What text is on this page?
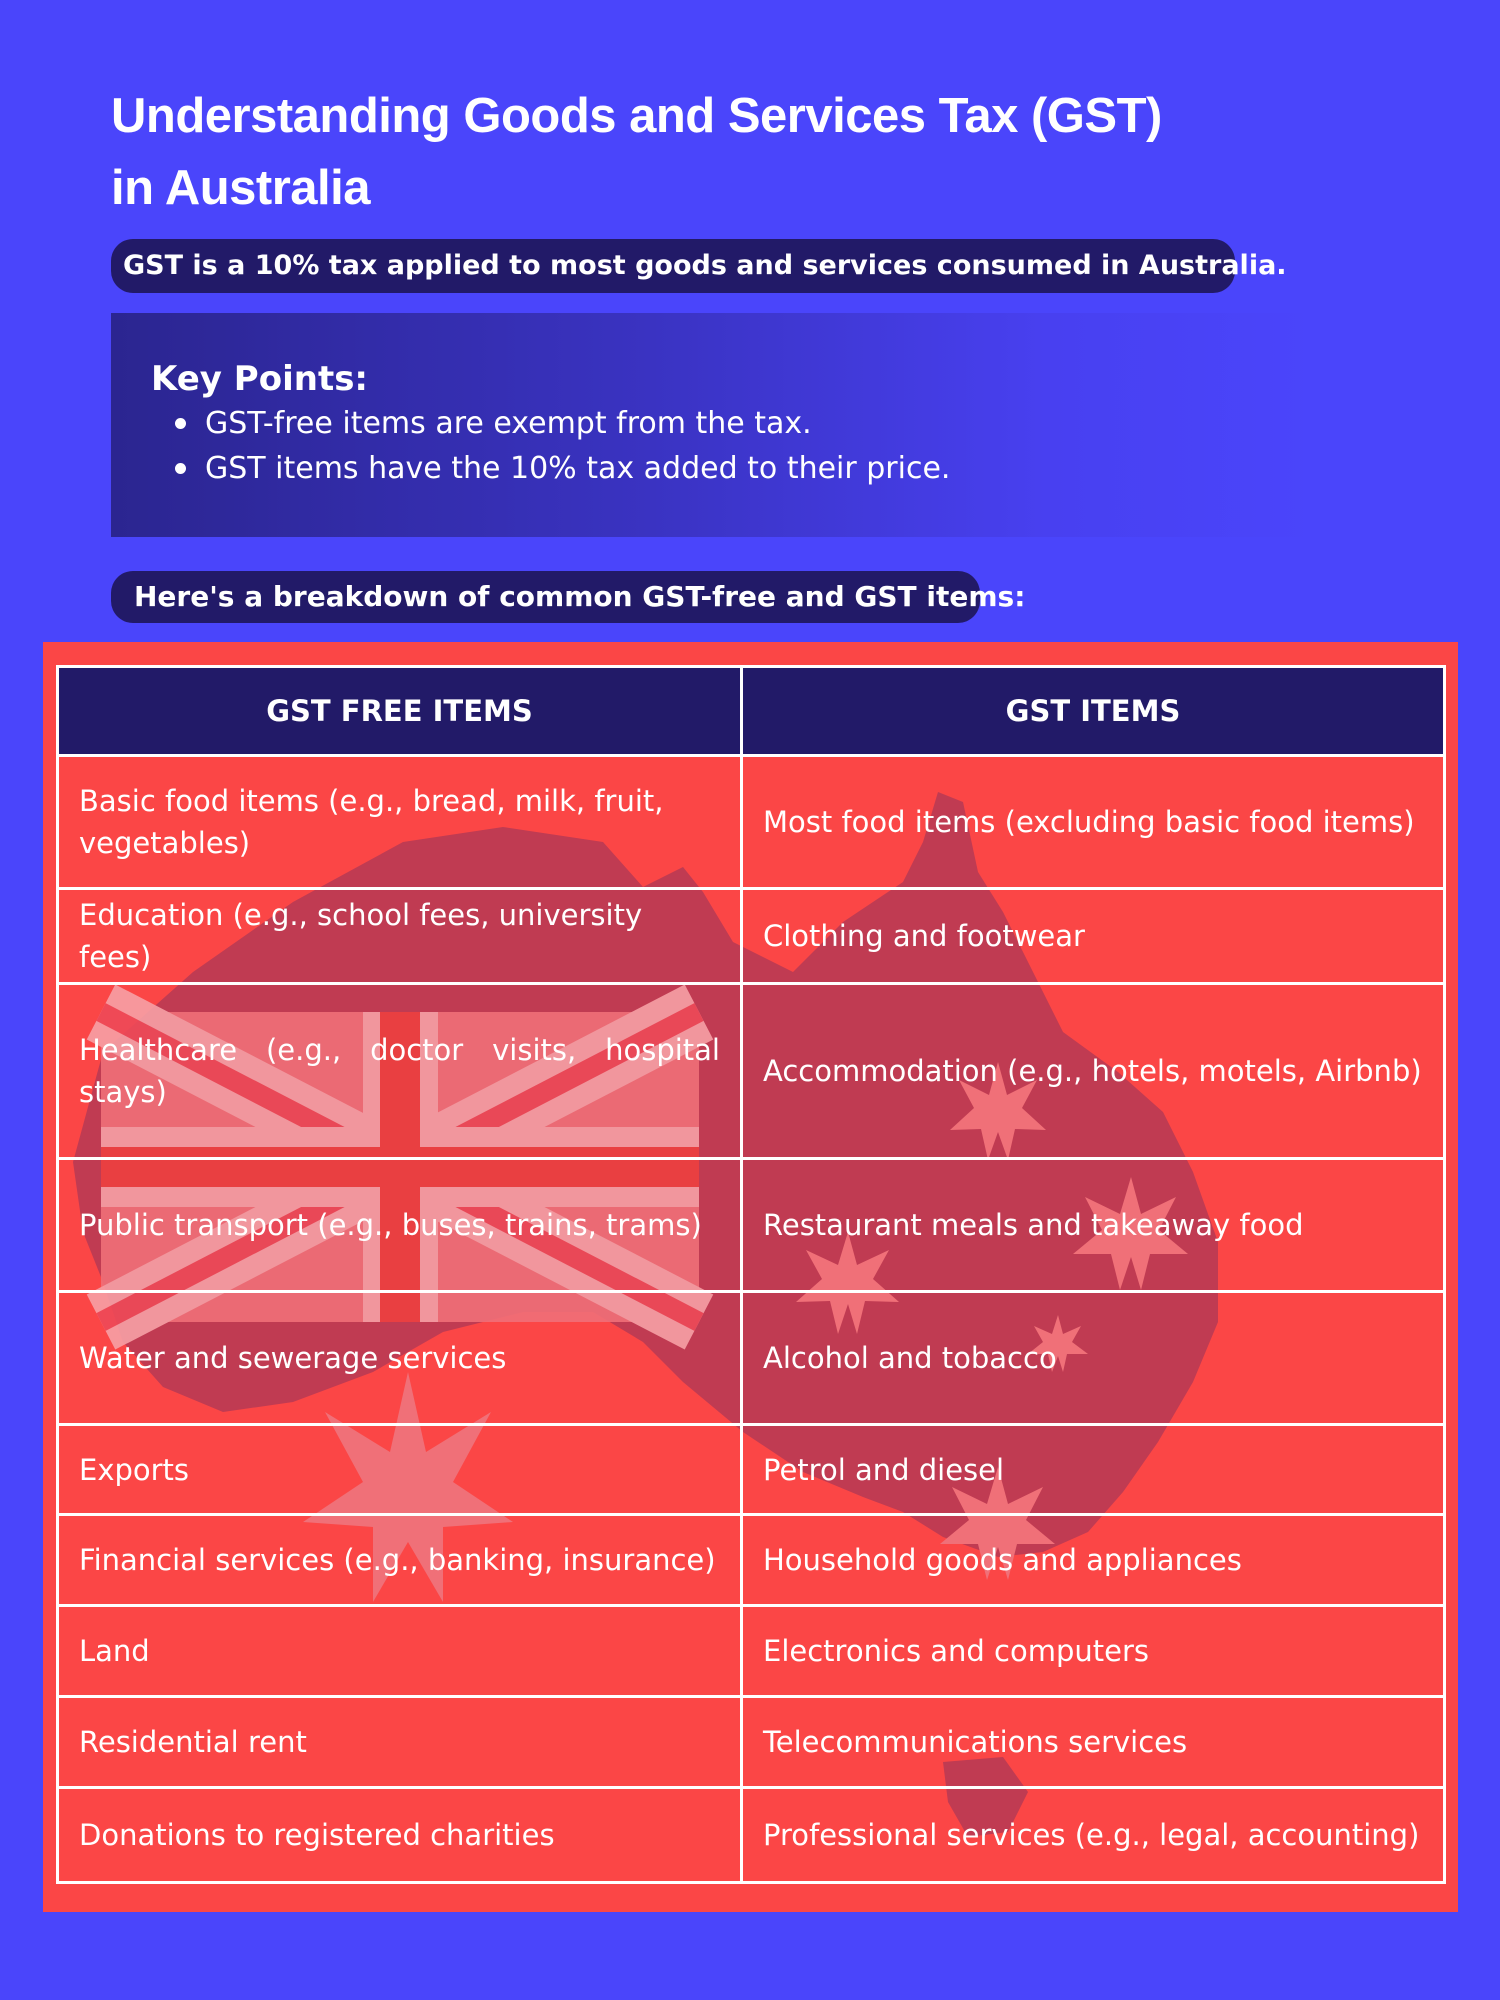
Understanding Goods and Services Tax (GST)
in Australia
GST is a 10% tax applied to most goods and services consumed in Australia.
Key Points:
GST-free items are exempt from the tax.
GST items have the 10% tax added to their price.
Here's a breakdown of common GST-free and GST items:
GST FREE ITEMS	GST ITEMS
Basic food items (e.g., bread, milk, fruit, vegetables)	Most food items (excluding basic food items)
Education (e.g., school fees, university fees)	Clothing and footwear
Healthcare (e.g., doctor visits, hospital stays)	Accommodation (e.g., hotels, motels, Airbnb)
Public transport (e.g., buses, trains, trams)	Restaurant meals and takeaway food
Water and sewerage services	Alcohol and tobacco
Exports	Petrol and diesel
Financial services (e.g., banking, insurance)	Household goods and appliances
Land	Electronics and computers
Residential rent	Telecommunications services
Donations to registered charities	Professional services (e.g., legal, accounting)
